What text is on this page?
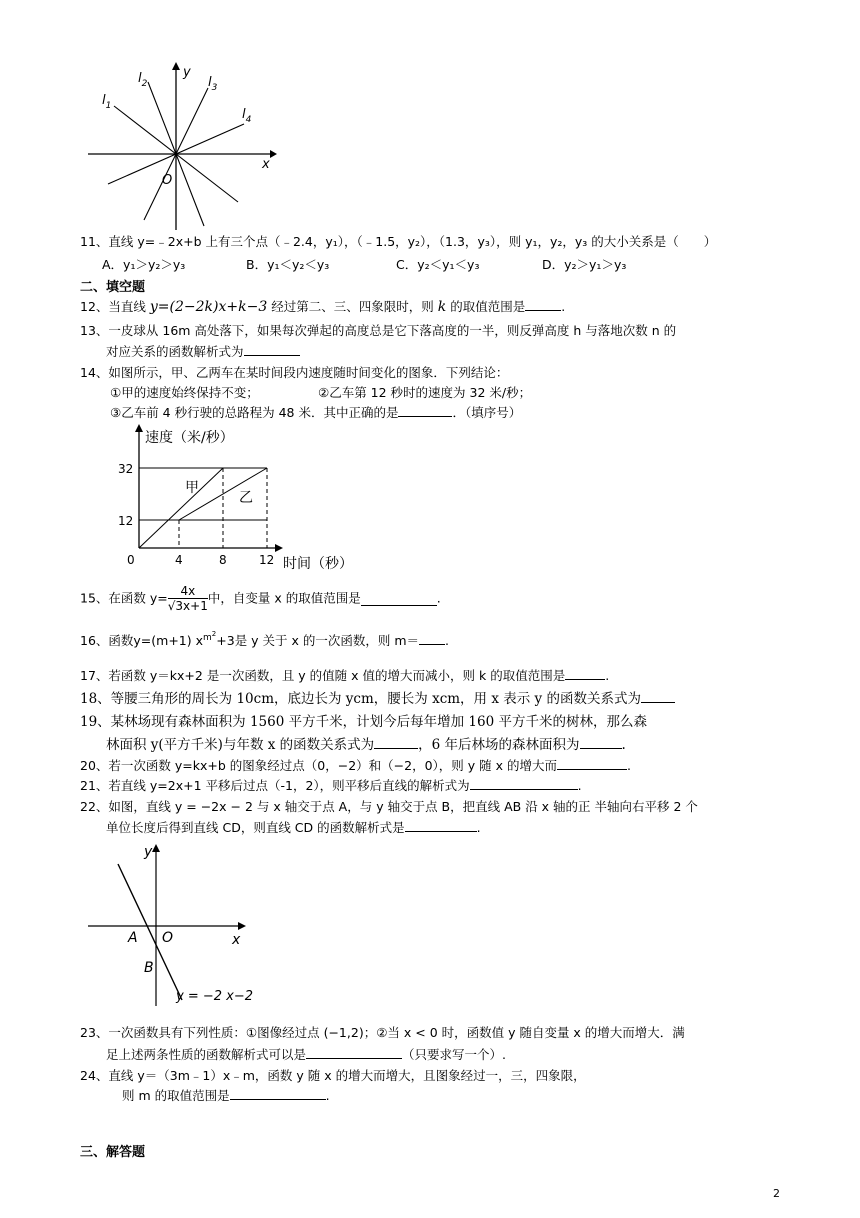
y
x
O
$l_1$
$l_2$	$l_3$
$l_4$
11、直线 y=﹣2x+b 上有三个点（﹣2.4，y₁），（﹣1.5，y₂），（1.3，y₃），则 y₁，y₂，y₃ 的大小关系是（　　）
A．y₁＞y₂＞y₃	B．y₁＜y₂＜y₃	C．y₂＜y₁＜y₃	D．y₂＞y₁＞y₃
二、填空题
12、当直线 y=(2−2k)x+k−3 经过第二、三、四象限时，则 k 的取值范围是	.
13、一皮球从 16m 高处落下，如果每次弹起的高度总是它下落高度的一半，则反弹高度 h 与落地次数 n 的
对应关系的函数解析式为
14、如图所示，甲、乙两车在某时间段内速度随时间变化的图象．下列结论：
①甲的速度始终保持不变；	②乙车第 12 秒时的速度为 32 米/秒；
③乙车前 4 秒行驶的总路程为 48 米．其中正确的是	．（填序号）
速度（米/秒）
时间（秒）
32
12
0	4	8	12
甲
乙
15、在函数 $y= \frac{4x}{√3x+1}$ 中，自变量 x 的取值范围是	.
16、函数y=(m+1) $x^{m^2}+3$是 y 关于 x 的一次函数，则 m＝ .
17、若函数 y＝kx+2 是一次函数，且 y 的值随 x 值的增大而减小，则 k 的取值范围是	.
18、等腰三角形的周长为 10cm，底边长为 ycm，腰长为 xcm，用 x 表示 y 的函数关系式为
19、某林场现有森林面积为 1560 平方千米，计划今后每年增加 160 平方千米的树林，那么森
林面积 y(平方千米)与年数 x 的函数关系式为	，6 年后林场的森林面积为	.
20、若一次函数 y=kx+b 的图象经过点（0，−2）和（−2，0），则 y 随 x 的增大而	.
21、若直线 y=2x+1 平移后过点（-1，2），则平移后直线的解析式为	.
22、如图，直线 y = −2x − 2 与 x 轴交于点 A，与 y 轴交于点 B，把直线 AB 沿 x 轴的正 半轴向右平移 2 个
单位长度后得到直线 CD，则直线 CD 的函数解析式是	.
y
x
A O
B
y = −2 x−2
23、一次函数具有下列性质：①图像经过点 (−1,2)；②当 x < 0 时，函数值 y 随自变量 x 的增大而增大．满
足上述两条性质的函数解析式可以是	（只要求写一个）.
24、直线 y＝（3m﹣1）x﹣m，函数 y 随 x 的增大而增大，且图象经过一，三，四象限，
则 m 的取值范围是	.
三、解答题
2
